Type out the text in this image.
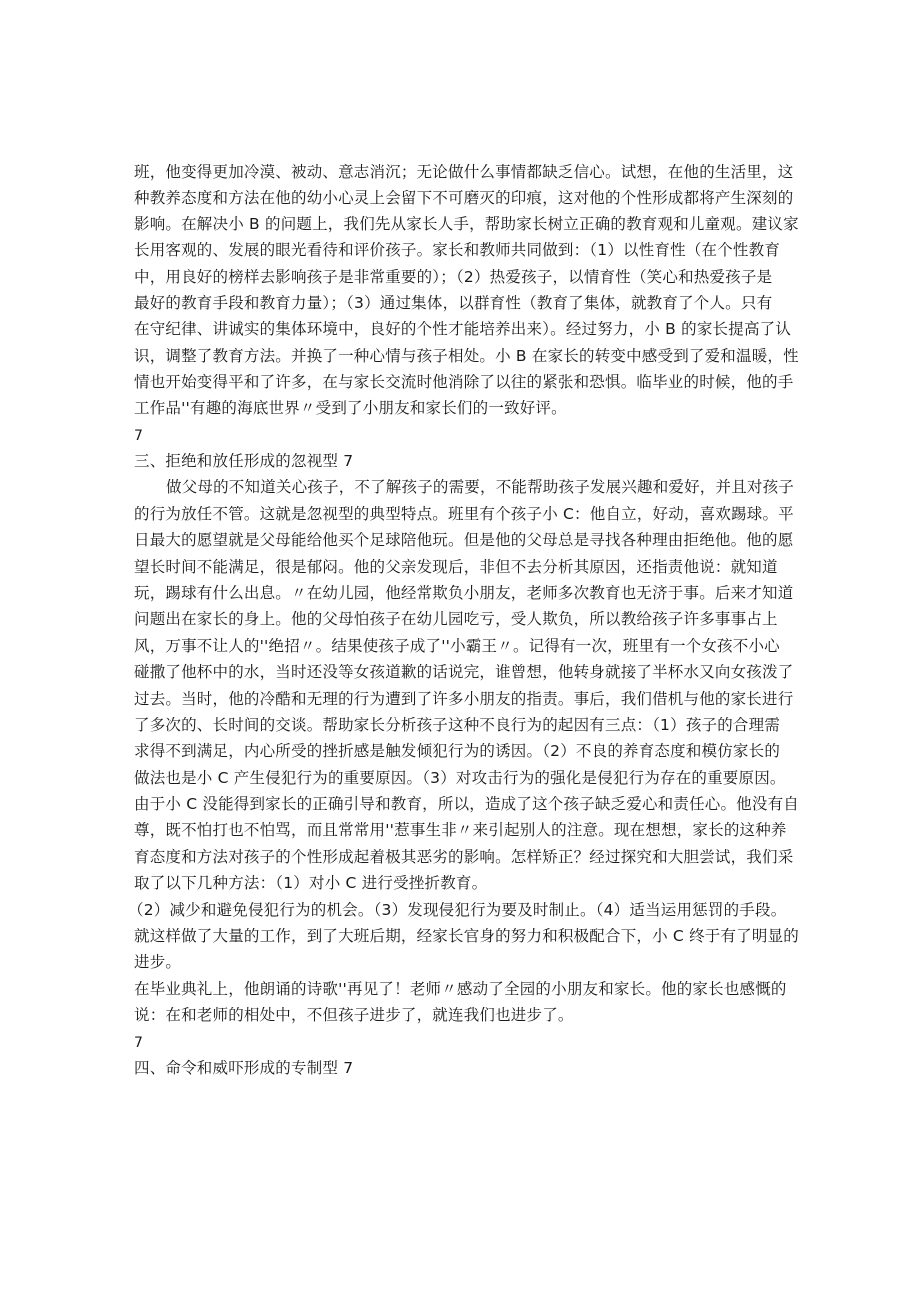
班，他变得更加冷漠、被动、意志消沉；无论做什么事情都缺乏信心。试想，在他的生活里，这
种教养态度和方法在他的幼小心灵上会留下不可磨灭的印痕，这对他的个性形成都将产生深刻的
影响。在解决小 B 的问题上，我们先从家长人手，帮助家长树立正确的教育观和儿童观。建议家
长用客观的、发展的眼光看待和评价孩子。家长和教师共同做到：（1）以性育性（在个性教育
中，用良好的榜样去影响孩子是非常重要的）；（2）热爱孩子，以情育性（笑心和热爱孩子是
最好的教育手段和教育力量）；（3）通过集体，以群育性（教育了集体，就教育了个人。只有
在守纪律、讲诚实的集体环境中，良好的个性才能培养出来）。经过努力，小 B 的家长提高了认
识，调整了教育方法。并换了一种心情与孩子相处。小 B 在家长的转变中感受到了爱和温暖，性
情也开始变得平和了许多，在与家长交流时他消除了以往的紧张和恐惧。临毕业的时候，他的手
工作品''有趣的海底世界〃受到了小朋友和家长们的一致好评。
7
三、拒绝和放任形成的忽视型 7
做父母的不知道关心孩子，不了解孩子的需要，不能帮助孩子发展兴趣和爱好，并且对孩子
的行为放任不管。这就是忽视型的典型特点。班里有个孩子小 C：他自立，好动，喜欢踢球。平
日最大的愿望就是父母能给他买个足球陪他玩。但是他的父母总是寻找各种理由拒绝他。他的愿
望长时间不能满足，很是郁闷。他的父亲发现后，非但不去分析其原因，还指责他说：就知道
玩，踢球有什么出息。〃在幼儿园，他经常欺负小朋友，老师多次教育也无济于事。后来才知道
问题出在家长的身上。他的父母怕孩子在幼儿园吃亏，受人欺负，所以教给孩子许多事事占上
风，万事不让人的''绝招〃。结果使孩子成了''小霸王〃。记得有一次，班里有一个女孩不小心
碰撒了他杯中的水，当时还没等女孩道歉的话说完，谁曾想，他转身就接了半杯水又向女孩泼了
过去。当时，他的冷酷和无理的行为遭到了许多小朋友的指责。事后，我们借机与他的家长进行
了多次的、长时间的交谈。帮助家长分析孩子这种不良行为的起因有三点：（1）孩子的合理需
求得不到满足，内心所受的挫折感是触发倾犯行为的诱因。（2）不良的养育态度和模仿家长的
做法也是小 C 产生侵犯行为的重要原因。（3）对攻击行为的强化是侵犯行为存在的重要原因。
由于小 C 没能得到家长的正确引导和教育，所以，造成了这个孩子缺乏爱心和责任心。他没有自
尊，既不怕打也不怕骂，而且常常用''惹事生非〃来引起别人的注意。现在想想，家长的这种养
育态度和方法对孩子的个性形成起着极其恶劣的影响。怎样矫正？经过探究和大胆尝试，我们采
取了以下几种方法：（1）对小 C 进行受挫折教育。
（2）减少和避免侵犯行为的机会。（3）发现侵犯行为要及时制止。（4）适当运用惩罚的手段。
就这样做了大量的工作，到了大班后期，经家长官身的努力和积极配合下，小 C 终于有了明显的
进步。
在毕业典礼上，他朗诵的诗歌''再见了！老师〃感动了全园的小朋友和家长。他的家长也感慨的
说：在和老师的相处中，不但孩子进步了，就连我们也进步了。
7
四、命令和威吓形成的专制型 7
